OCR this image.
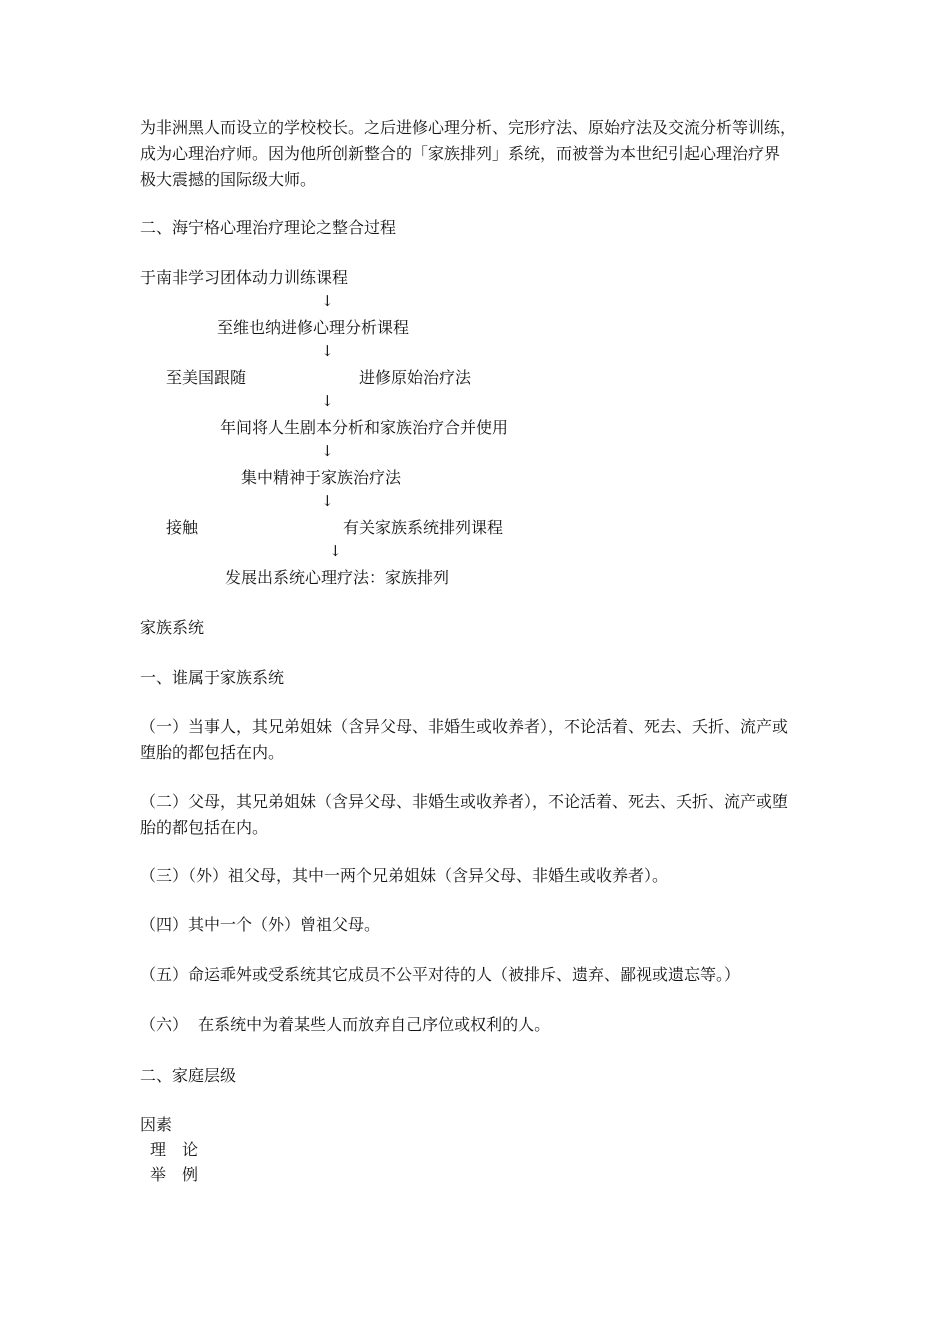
为非洲黑人而设立的学校校长。之后进修心理分析、完形疗法、原始疗法及交流分析等训练，
成为心理治疗师。因为他所创新整合的「家族排列」系统，而被誉为本世纪引起心理治疗界
极大震撼的国际级大师。
二、海宁格心理治疗理论之整合过程
于南非学习团体动力训练课程
↓
至维也纳进修心理分析课程
↓
至美国跟随	进修原始治疗法
↓
年间将人生剧本分析和家族治疗合并使用
↓
集中精神于家族治疗法
↓
接触	有关家族系统排列课程
↓
发展出系统心理疗法：家族排列
家族系统
一、谁属于家族系统
（一）当事人，其兄弟姐妹（含异父母、非婚生或收养者），不论活着、死去、夭折、流产或
堕胎的都包括在内。
（二）父母，其兄弟姐妹（含异父母、非婚生或收养者），不论活着、死去、夭折、流产或堕
胎的都包括在内。
（三）（外）祖父母，其中一两个兄弟姐妹（含异父母、非婚生或收养者）。
（四）其中一个（外）曾祖父母。
（五）命运乖舛或受系统其它成员不公平对待的人（被排斥、遗弃、鄙视或遗忘等。）
（六）  在系统中为着某些人而放弃自己序位或权利的人。
二、家庭层级
因素
理　论
举　例
